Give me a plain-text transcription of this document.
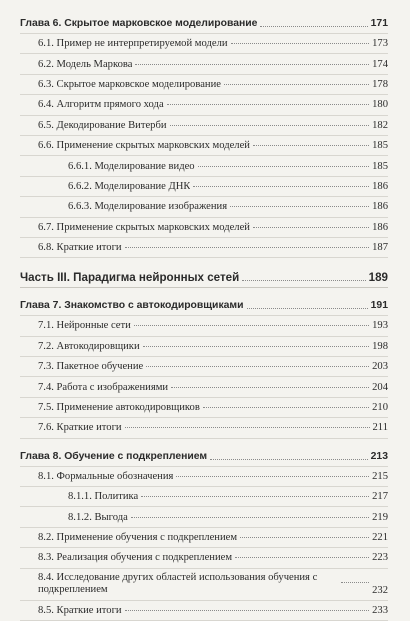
Глава 6. Скрытое марковское моделирование	171
6.1. Пример не интерпретируемой модели	173
6.2. Модель Маркова	174
6.3. Скрытое марковское моделирование	178
6.4. Алгоритм прямого хода	180
6.5. Декодирование Витерби	182
6.6. Применение скрытых марковских моделей	185
6.6.1. Моделирование видео	185
6.6.2. Моделирование ДНК	186
6.6.3. Моделирование изображения	186
6.7. Применение скрытых марковских моделей	186
6.8. Краткие итоги	187
Часть III. Парадигма нейронных сетей	189
Глава 7. Знакомство с автокодировщиками	191
7.1. Нейронные сети	193
7.2. Автокодировщики	198
7.3. Пакетное обучение	203
7.4. Работа с изображениями	204
7.5. Применение автокодировщиков	210
7.6. Краткие итоги	211
Глава 8. Обучение с подкреплением	213
8.1. Формальные обозначения	215
8.1.1. Политика	217
8.1.2. Выгода	219
8.2. Применение обучения с подкреплением	221
8.3. Реализация обучения с подкреплением	223
8.4. Исследование других областей использования обучения с подкреплением	232
8.5. Краткие итоги	233
